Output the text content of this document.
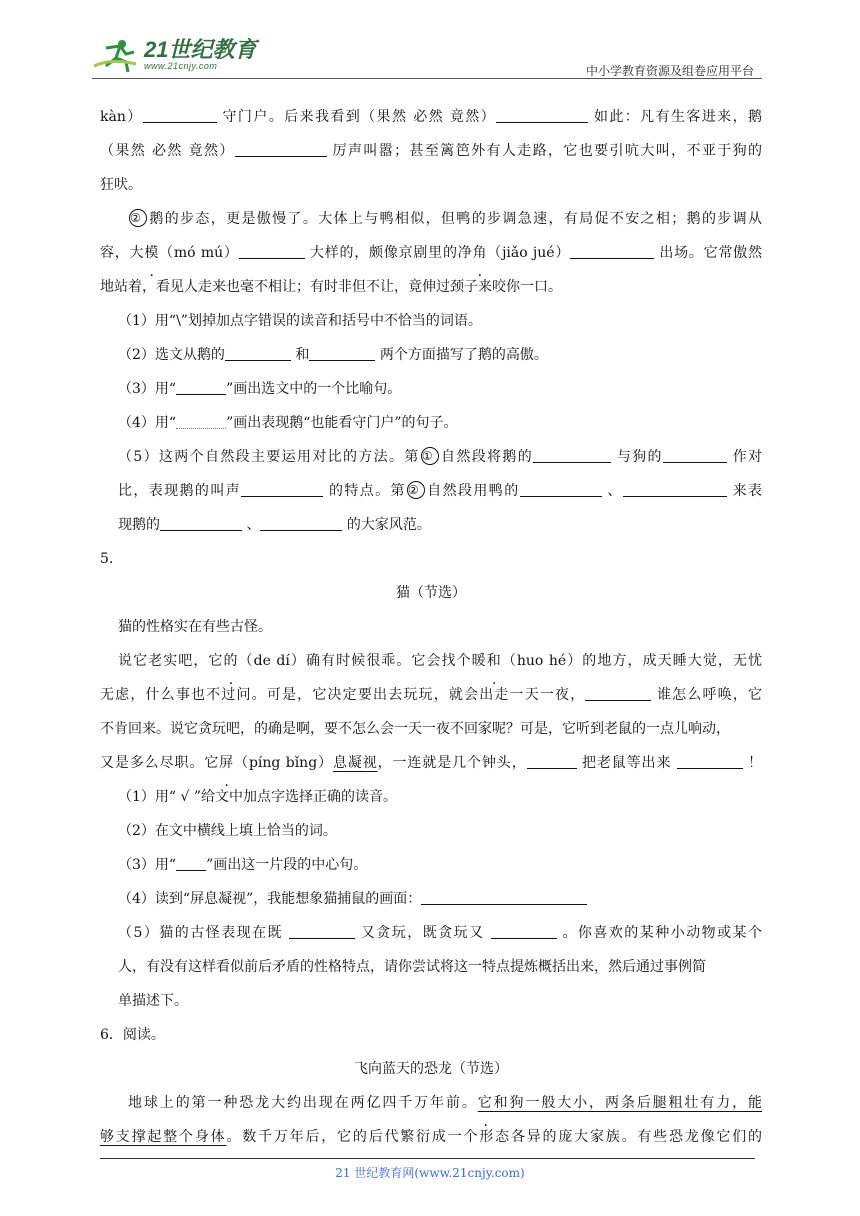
21世纪教育
www.21cnjy.com	中小学教育资源及组卷应用平台
kàn）	守门户。后来我看到（果然 必然 竟然）	如此：凡有生客进来，鹅
（果然 必然 竟然）	厉声叫嚣；甚至篱笆外有人走路，它也要引吭大叫，不亚于狗的
狂吠。
② 鹅的步态，更是傲慢了。大体上与鸭相似，但鸭的步调急速，有局促不安之相；鹅的步调从
容，大模（mó mú）	大样的，颇像京剧里的净角（jiǎo jué）	出场。它常傲然
地站着，看见人走来也毫不相让；有时非但不让，竟伸过颈子来咬你一口。
（1）用“\”划掉加点字错误的读音和括号中不恰当的词语。
（2）选文从鹅的	和	两个方面描写了鹅的高傲。
（3）用“	”画出选文中的一个比喻句。
（4）用“	”画出表现鹅“也能看守门户”的句子。
（5）这两个自然段主要运用对比的方法。第 ① 自然段将鹅的	与狗的	作对
比，表现鹅的叫声	的特点。第 ② 自然段用鸭的	、	来表
现鹅的	、	的大家风范。
5.
猫（节选）
猫的性格实在有些古怪。
说它老实吧，它的（de dí）确有时候很乖。它会找个暖和（huo hé）的地方，成天睡大觉，无忧
无虑，什么事也不过问。可是，它决定要出去玩玩，就会出走一天一夜，	谁怎么呼唤，它
不肯回来。说它贪玩吧，的确是啊，要不怎么会一天一夜不回家呢？可是，它听到老鼠的一点儿响动，
又是多么尽职。它屏（píng bǐng）息凝视，一连就是几个钟头，	把老鼠等出来	！
（1）用“ √ ”给文中加点字选择正确的读音。
（2）在文中横线上填上恰当的词。
（3）用“ ”画出这一片段的中心句。
（4）读到“屏息凝视”，我能想象猫捕鼠的画面：
（5）猫的古怪表现在既	又贪玩，既贪玩又	。你喜欢的某种小动物或某个
人，有没有这样看似前后矛盾的性格特点，请你尝试将这一特点提炼概括出来，然后通过事例简
单描述下。
6．阅读。
飞向蓝天的恐龙（节选）
地球上的第一种恐龙大约出现在两亿四千万年前。它和狗一般大小，两条后腿粗壮有力，能
够支撑起整个身体。数千万年后，它的后代繁衍成一个形态各异的庞大家族。有些恐龙像它们的
21 世纪教育网(www.21cnjy.com)
